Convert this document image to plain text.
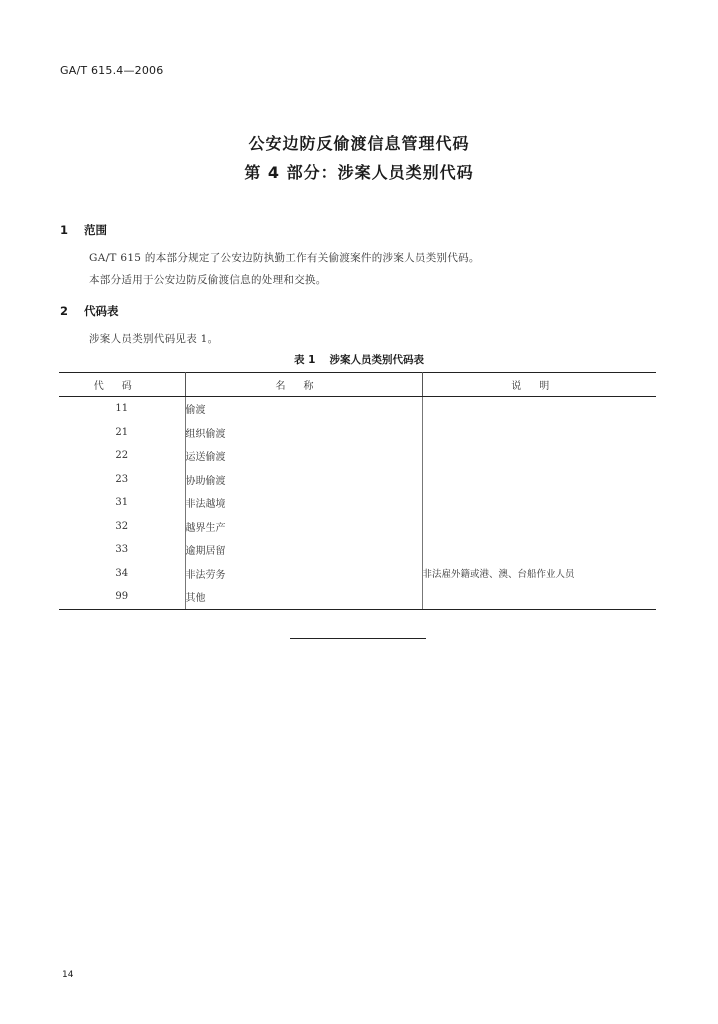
GA/T 615.4—2006
公安边防反偷渡信息管理代码
第 4 部分：涉案人员类别代码
1 范围
GA/T 615 的本部分规定了公安边防执勤工作有关偷渡案件的涉案人员类别代码。
本部分适用于公安边防反偷渡信息的处理和交换。
2 代码表
涉案人员类别代码见表 1。
表 1 涉案人员类别代码表
代码	名称	说明
11	偷渡	
21	组织偷渡	
22	运送偷渡	
23	协助偷渡	
31	非法越境	
32	越界生产	
33	逾期居留	
34	非法劳务	非法雇外籍或港、澳、台船作业人员
99	其他	
14
